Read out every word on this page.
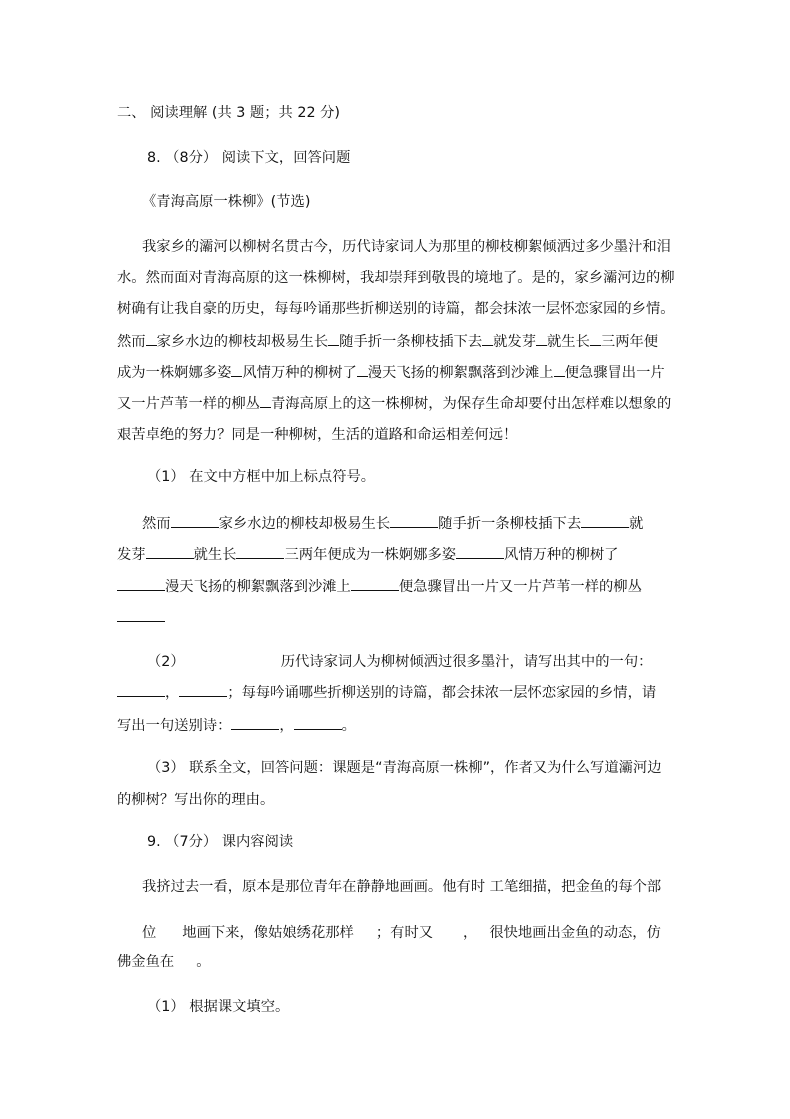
二、 阅读理解 (共 3 题；共 22 分)
8. （8分） 阅读下文，回答问题
《青海高原一株柳》(节选)
我家乡的灞河以柳树名贯古今，历代诗家词人为那里的柳枝柳絮倾洒过多少墨汁和泪
水。然而面对青海高原的这一株柳树，我却崇拜到敬畏的境地了。是的，家乡灞河边的柳
树确有让我自豪的历史，每每吟诵那些折柳送别的诗篇，都会抹浓一层怀恋家园的乡情。
然而 家乡水边的柳枝却极易生长 随手折一条柳枝插下去 就发芽 就生长 三两年便
成为一株婀娜多姿 风情万种的柳树了 漫天飞扬的柳絮飘落到沙滩上 便急骤冒出一片
又一片芦苇一样的柳丛 青海高原上的这一株柳树，为保存生命却要付出怎样难以想象的
艰苦卓绝的努力？同是一种柳树，生活的道路和命运相差何远！
然而	家乡水边的柳枝却极易生长	随手折一条柳枝插下去	就
发芽	就生长	三两年便成为一株婀娜多姿	风情万种的柳树了
漫天飞扬的柳絮飘落到沙滩上	便急骤冒出一片又一片芦苇一样的柳丛
（2）	历代诗家词人为柳树倾洒过很多墨汁，请写出其中的一句：
，	；每每吟诵哪些折柳送别的诗篇，都会抹浓一层怀恋家园的乡情，请
写出一句送别诗：	，	。
（3） 联系全文，回答问题：课题是“青海高原一株柳”，作者又为什么写道灞河边
的柳树？写出你的理由。
我挤过去一看，原本是那位青年在静静地画画。他有时 工笔细描，把金鱼的每个部
位 地画下来，像姑娘绣花那样 ；有时又 ， 很快地画出金鱼的动态，仿
佛金鱼在 。
（1） 在文中方框中加上标点符号。
9. （7分） 课内容阅读
（1） 根据课文填空。
